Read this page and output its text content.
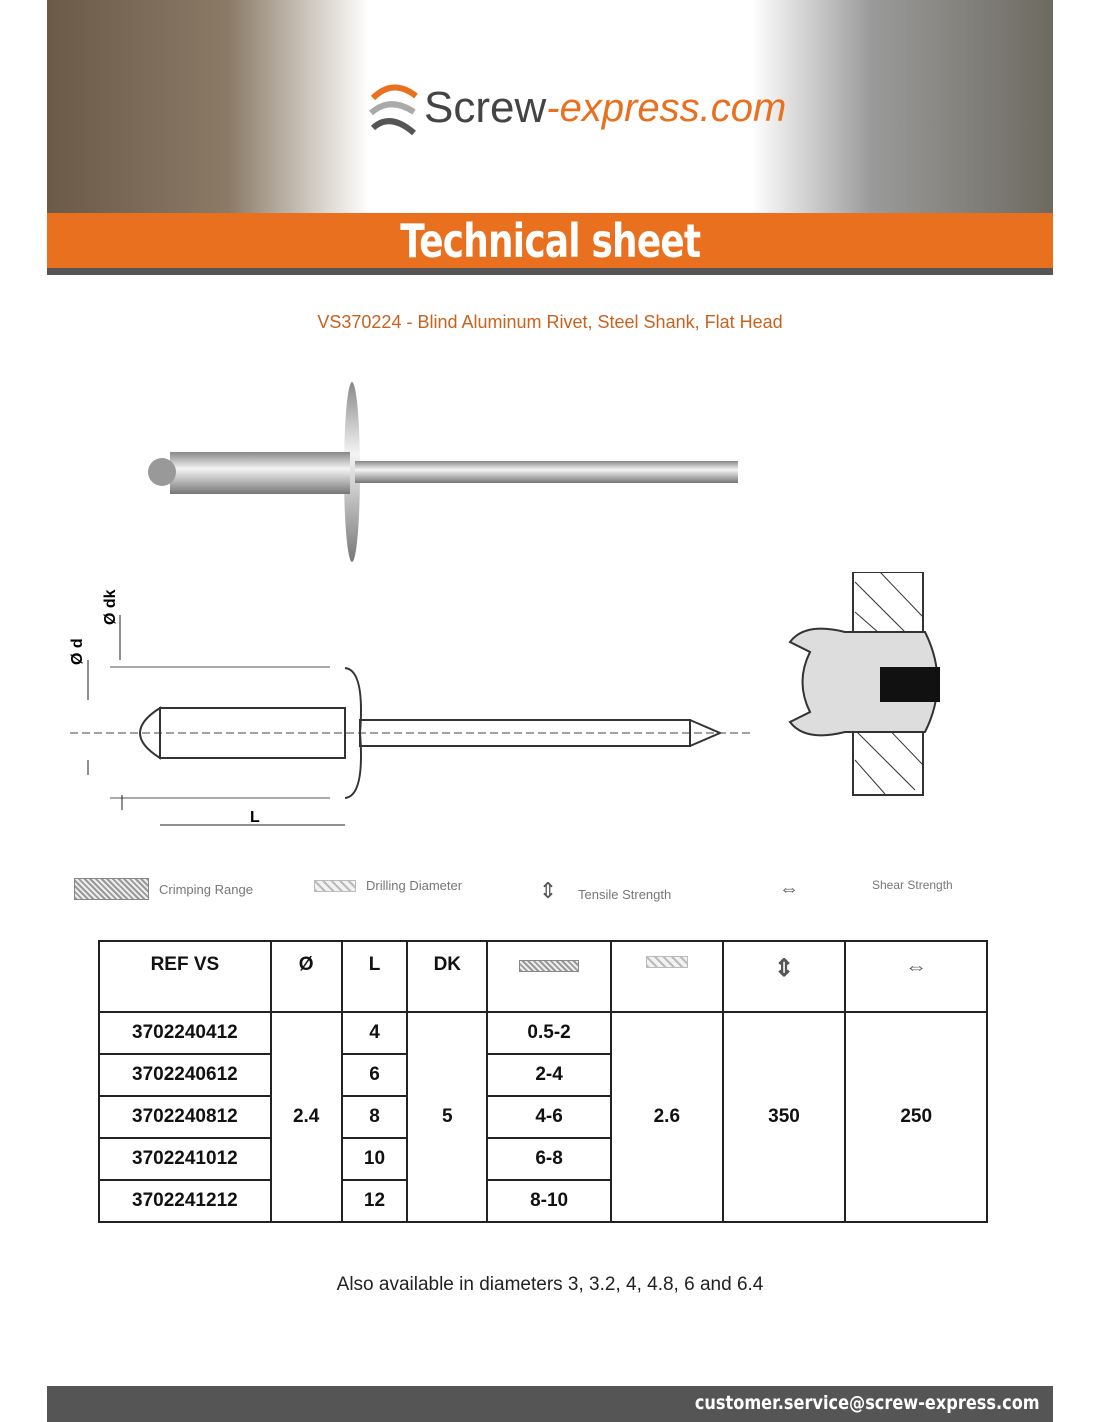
Screw -express.com
Technical sheet
VS370224 - Blind Aluminum Rivet, Steel Shank, Flat Head
L
Ø d
Ø dk
Crimping Range	Drilling Diameter	⇕	Tensile Strength	⇔	Shear Strength
REF VS	Ø	L	DK			⇕	⇔
3702240412	2.4	4	5	0.5-2	2.6	350	250
3702240612		6		2-4			
3702240812		8		4-6			
3702241012		10		6-8			
3702241212		12		8-10			
Also available in diameters 3, 3.2, 4, 4.8, 6 and 6.4
customer.service@screw-express.com
